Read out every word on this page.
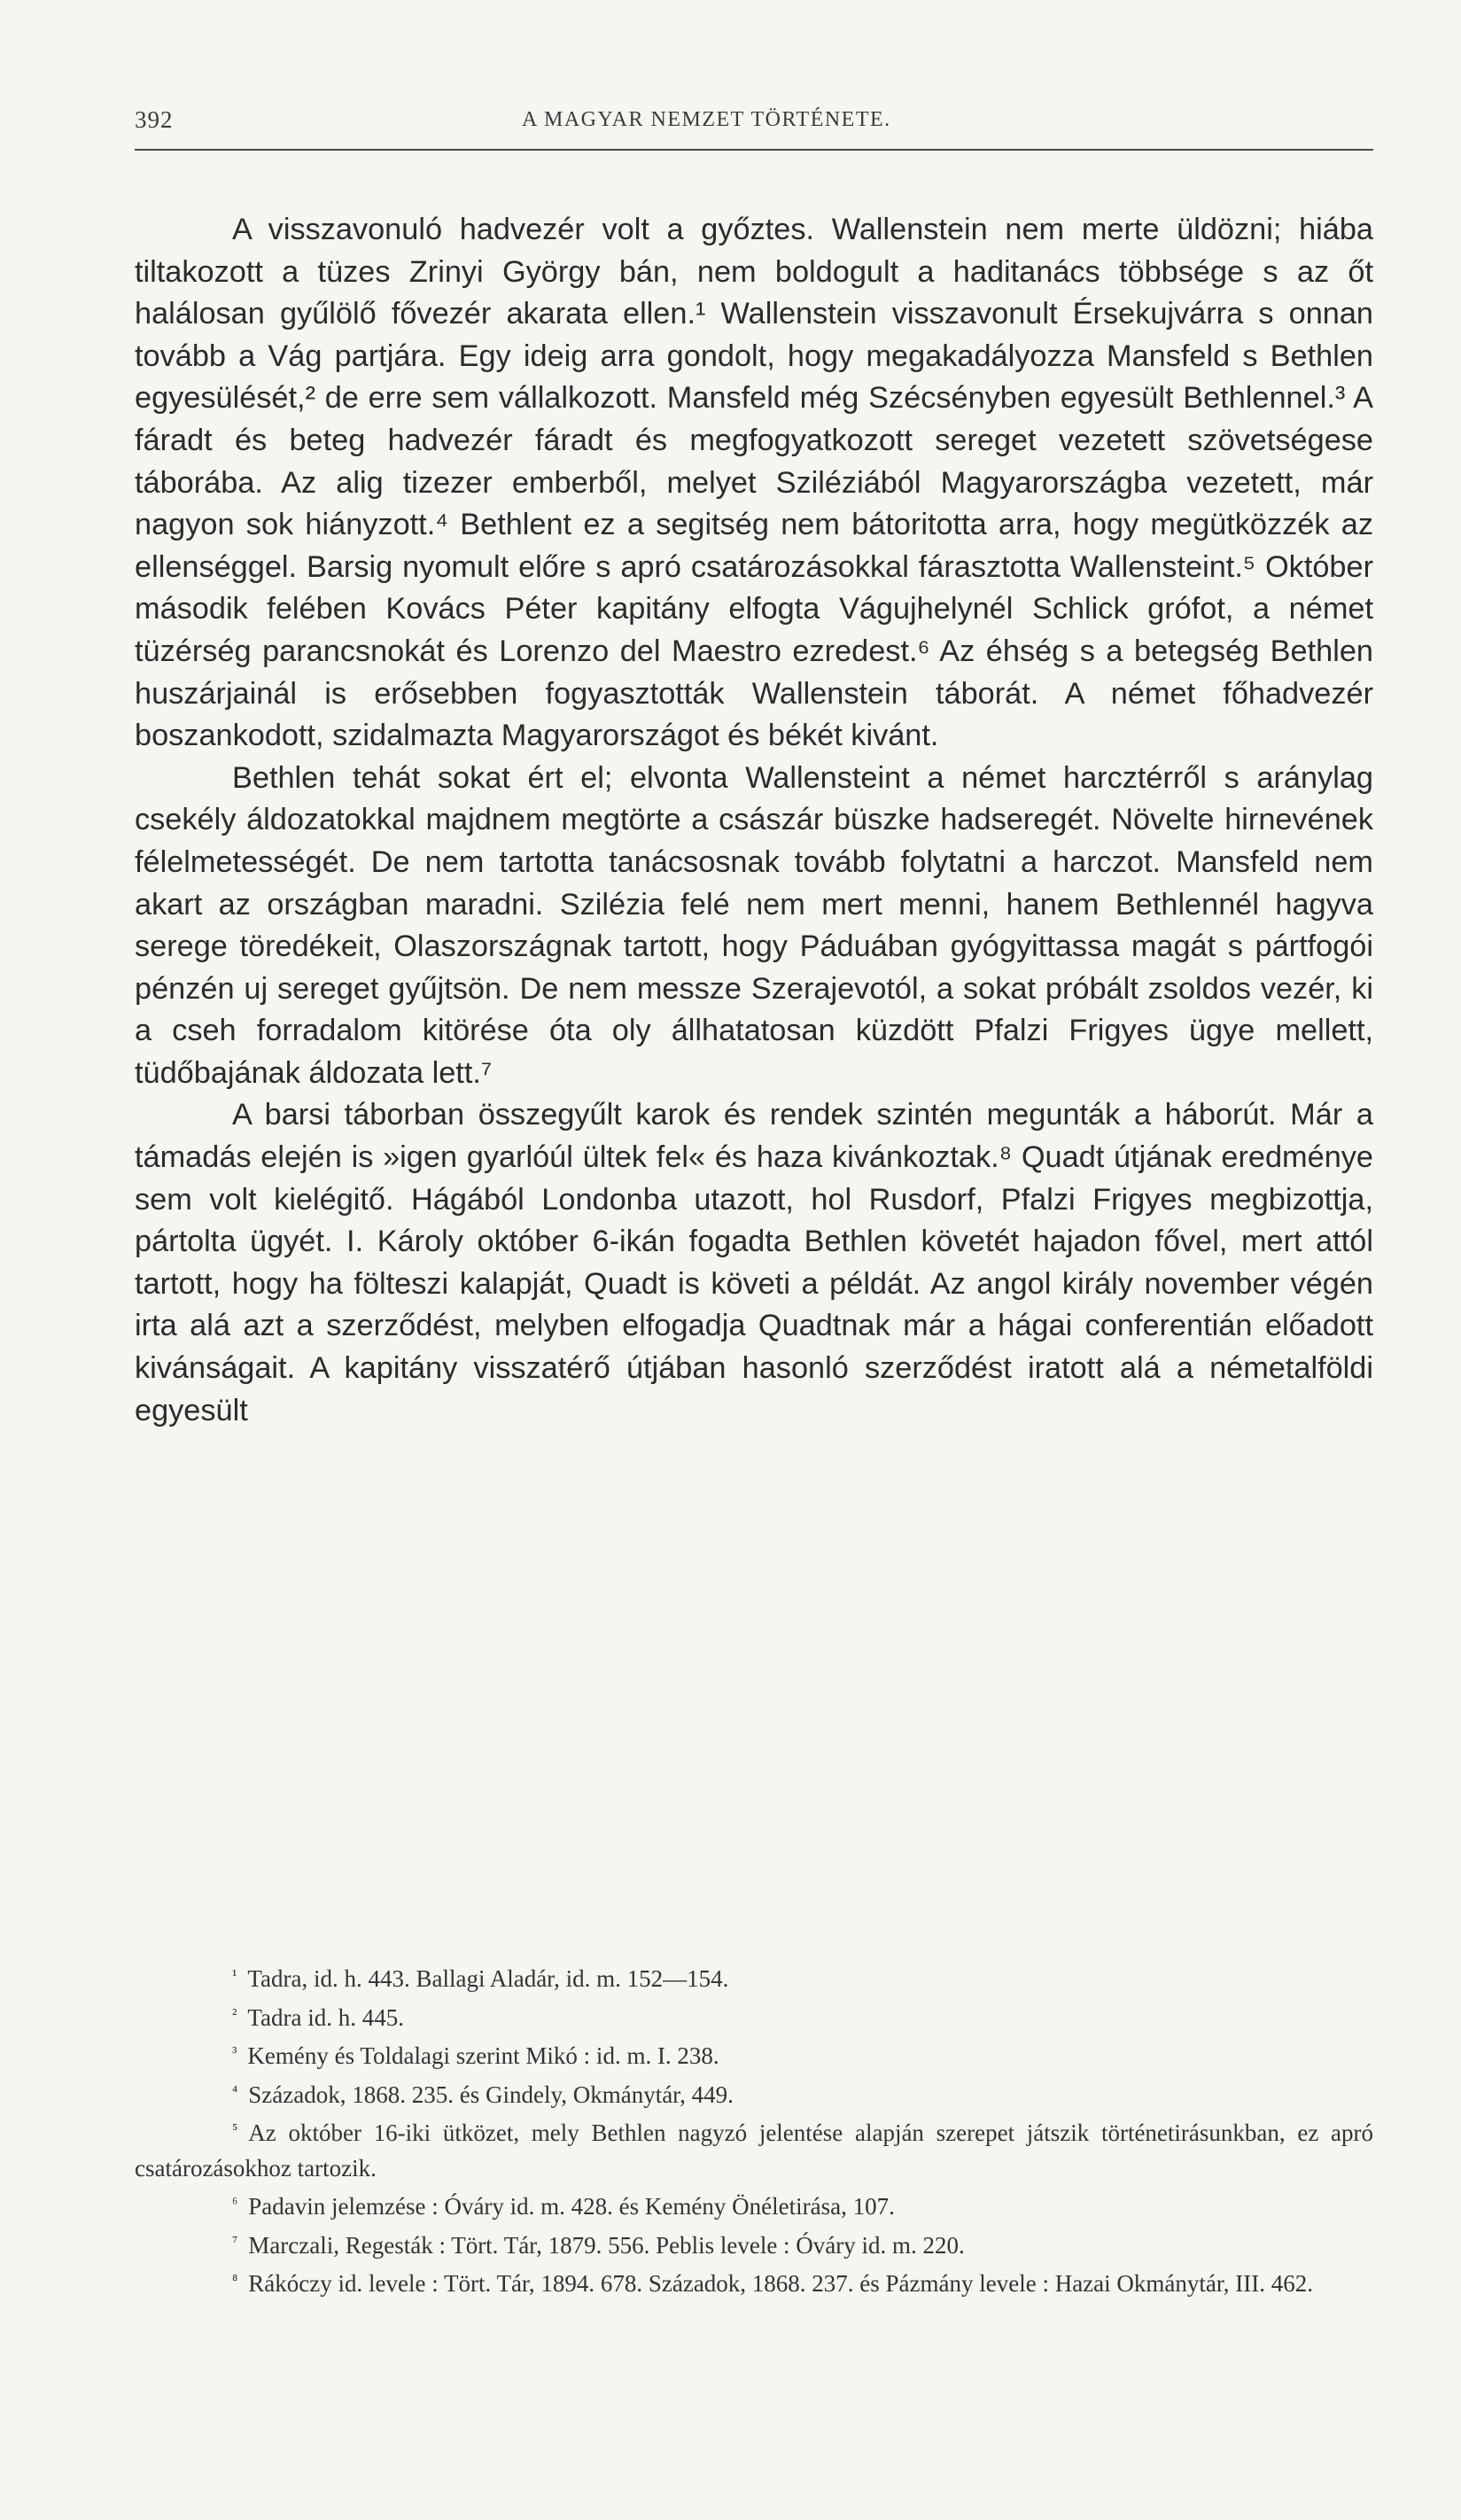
392	A MAGYAR NEMZET TÖRTÉNETE.

A visszavonuló hadvezér volt a győztes. Wallenstein nem merte üldözni; hiába tiltakozott a tüzes Zrinyi György bán, nem boldogult a haditanács többsége s az őt halálosan gyűlölő fővezér akarata ellen.¹ Wallenstein visszavonult Érsekujvárra s onnan tovább a Vág partjára. Egy ideig arra gondolt, hogy megakadályozza Mansfeld s Bethlen egyesülését,² de erre sem vállalkozott. Mansfeld még Szécsényben egyesült Bethlennel.³ A fáradt és beteg hadvezér fáradt és megfogyatkozott sereget vezetett szövetségese táborába. Az alig tizezer emberből, melyet Sziléziából Magyarországba vezetett, már nagyon sok hiányzott.⁴ Bethlent ez a segitség nem bátoritotta arra, hogy megütközzék az ellenséggel. Barsig nyomult előre s apró csatározásokkal fárasztotta Wallensteint.⁵ Október második felében Kovács Péter kapitány elfogta Vágujhelynél Schlick grófot, a német tüzérség parancsnokát és Lorenzo del Maestro ezredest.⁶ Az éhség s a betegség Bethlen huszárjainál is erősebben fogyasztották Wallenstein táborát. A német főhadvezér boszankodott, szidalmazta Magyarországot és békét kivánt.

Bethlen tehát sokat ért el; elvonta Wallensteint a német harcztérről s aránylag csekély áldozatokkal majdnem megtörte a császár büszke hadseregét. Növelte hirnevének félelmetességét. De nem tartotta tanácsosnak tovább folytatni a harczot. Mansfeld nem akart az országban maradni. Szilézia felé nem mert menni, hanem Bethlennél hagyva serege töredékeit, Olaszországnak tartott, hogy Páduában gyógyittassa magát s pártfogói pénzén uj sereget gyűjtsön. De nem messze Szerajevotól, a sokat próbált zsoldos vezér, ki a cseh forradalom kitörése óta oly állhatatosan küzdött Pfalzi Frigyes ügye mellett, tüdőbajának áldozata lett.⁷

A barsi táborban összegyűlt karok és rendek szintén megunták a háborút. Már a támadás elején is »igen gyarlóúl ültek fel« és haza kivánkoztak.⁸ Quadt útjának eredménye sem volt kielégitő. Hágából Londonba utazott, hol Rusdorf, Pfalzi Frigyes megbizottja, pártolta ügyét. I. Károly október 6-ikán fogadta Bethlen követét hajadon fővel, mert attól tartott, hogy ha fölteszi kalapját, Quadt is követi a példát. Az angol király november végén irta alá azt a szerződést, melyben elfogadja Quadtnak már a hágai conferentián előadott kivánságait. A kapitány visszatérő útjában hasonló szerződést iratott alá a németalföldi egyesült

$^{^1}$ Tadra, id. h. 443. Ballagi Aladár, id. m. 152—154.

$^{^2}$ Tadra id. h. 445.

$^{^3}$ Kemény és Toldalagi szerint Mikó : id. m. I. 238.

$^{^4}$ Századok, 1868. 235. és Gindely, Okmánytár, 449.

$^{^5}$ Az október 16-iki ütközet, mely Bethlen nagyzó jelentése alapján szerepet játszik történetirásunkban, ez apró csatározásokhoz tartozik.

$^{^6}$ Padavin jelemzése : Óváry id. m. 428. és Kemény Önéletirása, 107.

$^{^7}$ Marczali, Regesták : Tört. Tár, 1879. 556. Peblis levele : Óváry id. m. 220.

$^{^8}$ Rákóczy id. levele : Tört. Tár, 1894. 678. Századok, 1868. 237. és Pázmány levele : Hazai Okmánytár, III. 462.
